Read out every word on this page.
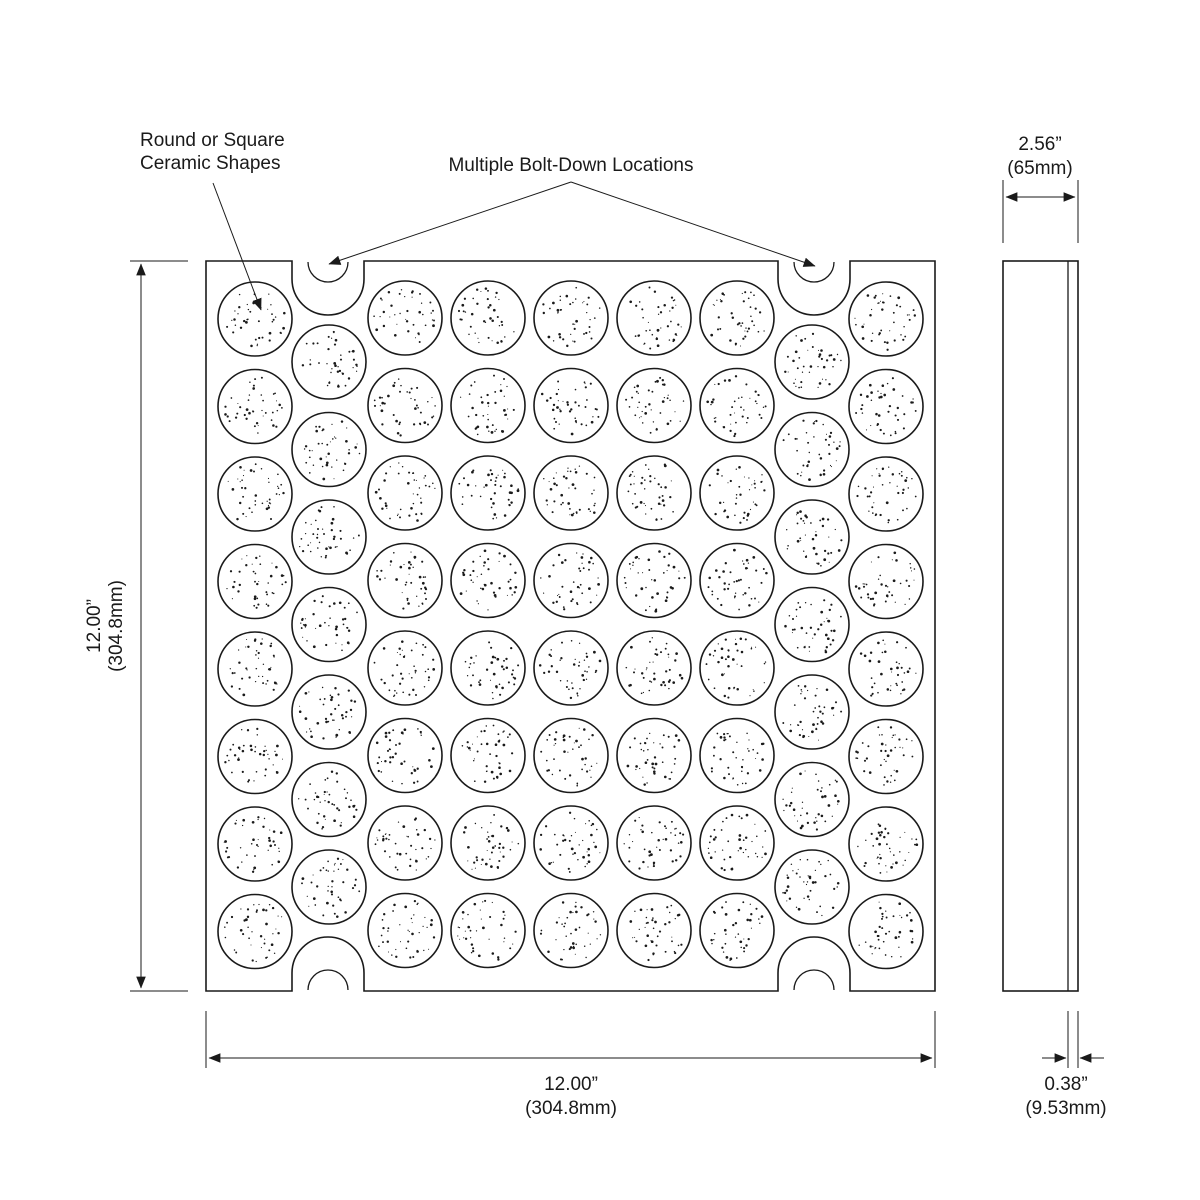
Round or Square
Ceramic Shapes	Multiple Bolt-Down Locations
12.00” (304.8mm)
12.00”
(304.8mm)
2.56”
(65mm)
0.38”
(9.53mm)
